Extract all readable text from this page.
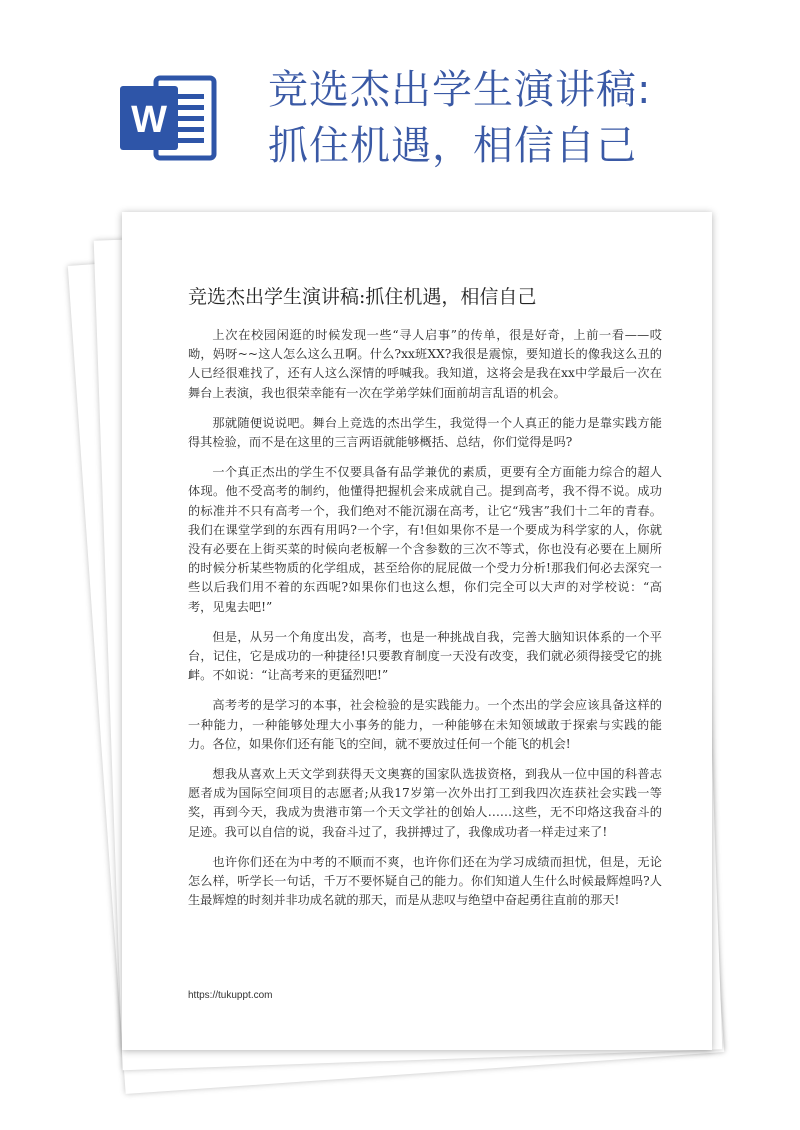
W
竞选杰出学生演讲稿:
抓住机遇，相信自己
竞选杰出学生演讲稿:抓住机遇，相信自己

上次在校园闲逛的时候发现一些“寻人启事”的传单，很是好奇，上前一看——哎呦，妈呀~~这人怎么这么丑啊。什么?xx班XX?我很是震惊，要知道长的像我这么丑的人已经很难找了，还有人这么深情的呼喊我。我知道，这将会是我在xx中学最后一次在舞台上表演，我也很荣幸能有一次在学弟学妹们面前胡言乱语的机会。

那就随便说说吧。舞台上竞选的杰出学生，我觉得一个人真正的能力是靠实践方能得其检验，而不是在这里的三言两语就能够概括、总结，你们觉得是吗?

一个真正杰出的学生不仅要具备有品学兼优的素质，更要有全方面能力综合的超人体现。他不受高考的制约，他懂得把握机会来成就自己。提到高考，我不得不说。成功的标准并不只有高考一个，我们绝对不能沉溺在高考，让它“残害”我们十二年的青春。我们在课堂学到的东西有用吗?一个字，有!但如果你不是一个要成为科学家的人，你就没有必要在上街买菜的时候向老板解一个含参数的三次不等式，你也没有必要在上厕所的时候分析某些物质的化学组成，甚至给你的屁屁做一个受力分析!那我们何必去深究一些以后我们用不着的东西呢?如果你们也这么想，你们完全可以大声的对学校说：“高考，见鬼去吧!”

但是，从另一个角度出发，高考，也是一种挑战自我，完善大脑知识体系的一个平台，记住，它是成功的一种捷径!只要教育制度一天没有改变，我们就必须得接受它的挑衅。不如说：“让高考来的更猛烈吧!”

高考考的是学习的本事，社会检验的是实践能力。一个杰出的学会应该具备这样的一种能力，一种能够处理大小事务的能力，一种能够在未知领域敢于探索与实践的能力。各位，如果你们还有能飞的空间，就不要放过任何一个能飞的机会!

想我从喜欢上天文学到获得天文奥赛的国家队选拔资格，到我从一位中国的科普志愿者成为国际空间项目的志愿者;从我17岁第一次外出打工到我四次连获社会实践一等奖，再到今天，我成为贵港市第一个天文学社的创始人……这些，无不印烙这我奋斗的足迹。我可以自信的说，我奋斗过了，我拼搏过了，我像成功者一样走过来了!

也许你们还在为中考的不顺而不爽，也许你们还在为学习成绩而担忧，但是，无论怎么样，听学长一句话，千万不要怀疑自己的能力。你们知道人生什么时候最辉煌吗?人生最辉煌的时刻并非功成名就的那天，而是从悲叹与绝望中奋起勇往直前的那天!

https://tukuppt.com
